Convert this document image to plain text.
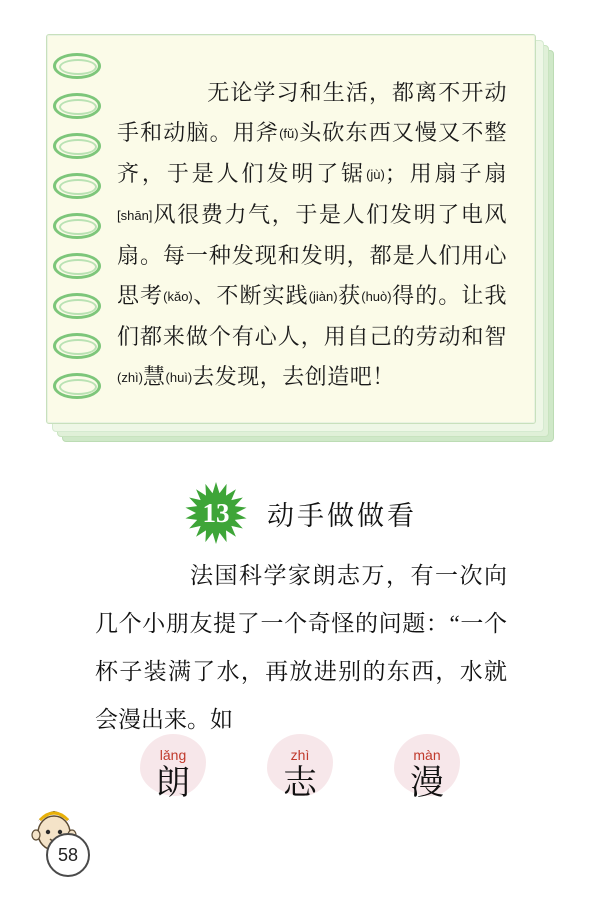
　　无论学习和生活，都离不开动手和动脑。用斧(fǔ)头砍东西又慢又不整齐，于是人们发明了锯(jù)；用扇子扇[shān]风很费力气，于是人们发明了电风扇。每一种发现和发明，都是人们用心思考(kǎo)、不断实践(jiàn)获(huò)得的。让我们都来做个有心人，用自己的劳动和智(zhì)慧(huì)去发现，去创造吧！

13 动手做做看

　　法国科学家朗志万，有一次向几个小朋友提了一个奇怪的问题：“一个杯子装满了水，再放进别的东西，水就会漫出来。如

lǎng
朗
zhì
志
màn
漫
58
